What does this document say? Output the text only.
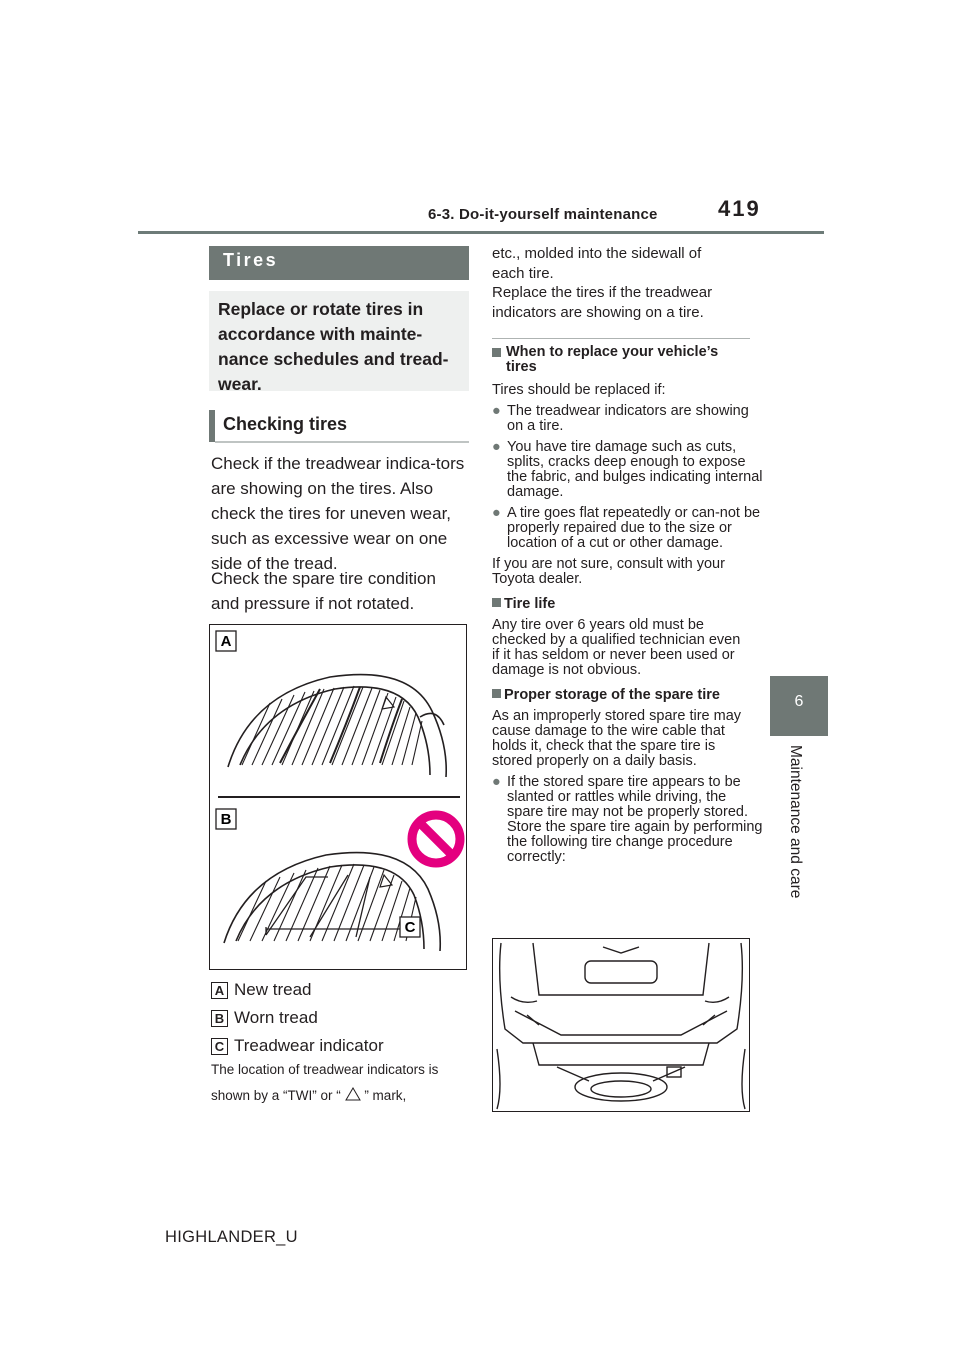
6-3. Do-it-yourself maintenance	419
6
Maintenance and care
Tires
Replace or rotate tires in accordance with mainte-nance schedules and tread-wear.
Checking tires
Check if the treadwear indica-tors are showing on the tires. Also check the tires for uneven wear, such as excessive wear on one side of the tread.
Check the spare tire condition and pressure if not rotated.
A
B
C
A New tread
B Worn tread
C Treadwear indicator
The location of treadwear indicators is shown by a “TWI” or “ ” mark,
etc., molded into the sidewall of each tire.
Replace the tires if the treadwear indicators are showing on a tire.
When to replace your vehicle’s tires
Tires should be replaced if:
● The treadwear indicators are showing on a tire.
● You have tire damage such as cuts, splits, cracks deep enough to expose the fabric, and bulges indicating internal damage.
● A tire goes flat repeatedly or can-not be properly repaired due to the size or location of a cut or other damage.
If you are not sure, consult with your Toyota dealer.
Tire life
Any tire over 6 years old must be checked by a qualified technician even if it has seldom or never been used or damage is not obvious.
Proper storage of the spare tire
As an improperly stored spare tire may cause damage to the wire cable that holds it, check that the spare tire is stored properly on a daily basis.
● If the stored spare tire appears to be slanted or rattles while driving, the spare tire may not be properly stored. Store the spare tire again by performing the following tire change procedure correctly:
HIGHLANDER_U
